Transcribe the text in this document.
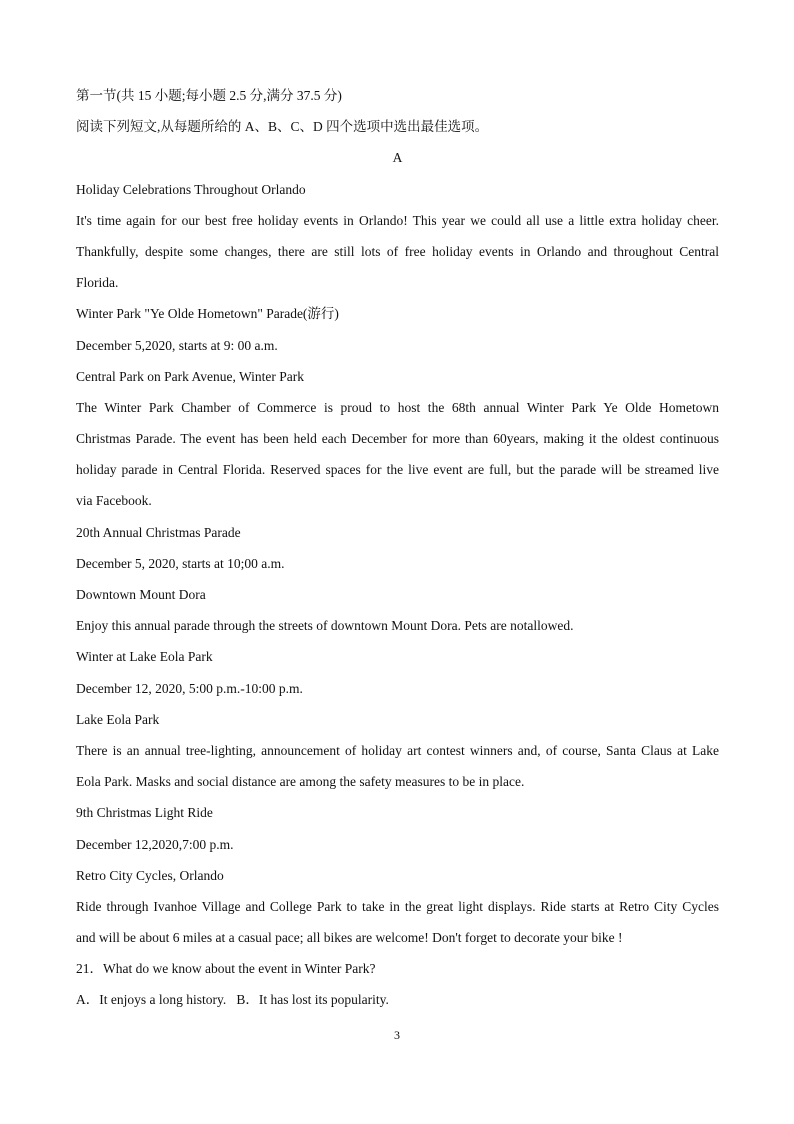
第一节(共 15 小题;每小题 2.5 分,满分 37.5 分)
阅读下列短文,从每题所给的 A、B、C、D 四个选项中选出最佳选项。
A
Holiday Celebrations Throughout Orlando
It's time again for our best free holiday events in Orlando! This year we could all use a little extra holiday cheer.
Thankfully, despite some changes, there are still lots of free holiday events in Orlando and throughout Central
Florida.
Winter Park "Ye Olde Hometown" Parade(游行)
December 5,2020, starts at 9: 00 a.m.
Central Park on Park Avenue, Winter Park
The Winter Park Chamber of Commerce is proud to host the 68th annual Winter Park Ye Olde Hometown
Christmas Parade. The event has been held each December for more than 60years, making it the oldest continuous
holiday parade in Central Florida. Reserved spaces for the live event are full, but the parade will be streamed live
via Facebook.
20th Annual Christmas Parade
December 5, 2020, starts at 10;00 a.m.
Downtown Mount Dora
Enjoy this annual parade through the streets of downtown Mount Dora. Pets are notallowed.
Winter at Lake Eola Park
December 12, 2020, 5:00 p.m.-10:00 p.m.
Lake Eola Park
There is an annual tree-lighting, announcement of holiday art contest winners and, of course, Santa Claus at Lake
Eola Park. Masks and social distance are among the safety measures to be in place.
9th Christmas Light Ride
December 12,2020,7:00 p.m.
Retro City Cycles, Orlando
Ride through Ivanhoe Village and College Park to take in the great light displays. Ride starts at Retro City Cycles
and will be about 6 miles at a casual pace; all bikes are welcome! Don't forget to decorate your bike !
21．What do we know about the event in Winter Park?
A．It enjoys a long history.   B．It has lost its popularity.
3
